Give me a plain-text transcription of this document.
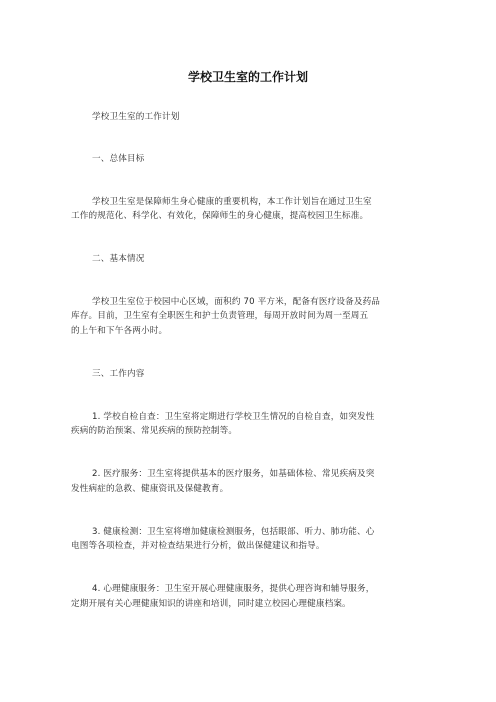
学校卫生室的工作计划
学校卫生室的工作计划
一、总体目标
学校卫生室是保障师生身心健康的重要机构，本工作计划旨在通过卫生室
工作的规范化、科学化、有效化，保障师生的身心健康，提高校园卫生标准。
二、基本情况
学校卫生室位于校园中心区域，面积约 70 平方米，配备有医疗设备及药品
库存。目前，卫生室有全职医生和护士负责管理，每周开放时间为周一至周五
的上午和下午各两小时。
三、工作内容
1. 学校自检自查：卫生室将定期进行学校卫生情况的自检自查，如突发性
疾病的防治预案、常见疾病的预防控制等。
2. 医疗服务：卫生室将提供基本的医疗服务，如基础体检、常见疾病及突
发性病症的急救、健康资讯及保健教育。
3. 健康检测：卫生室将增加健康检测服务，包括眼部、听力、肺功能、心
电图等各项检查，并对检查结果进行分析，做出保健建议和指导。
4. 心理健康服务：卫生室开展心理健康服务，提供心理咨询和辅导服务，
定期开展有关心理健康知识的讲座和培训，同时建立校园心理健康档案。
